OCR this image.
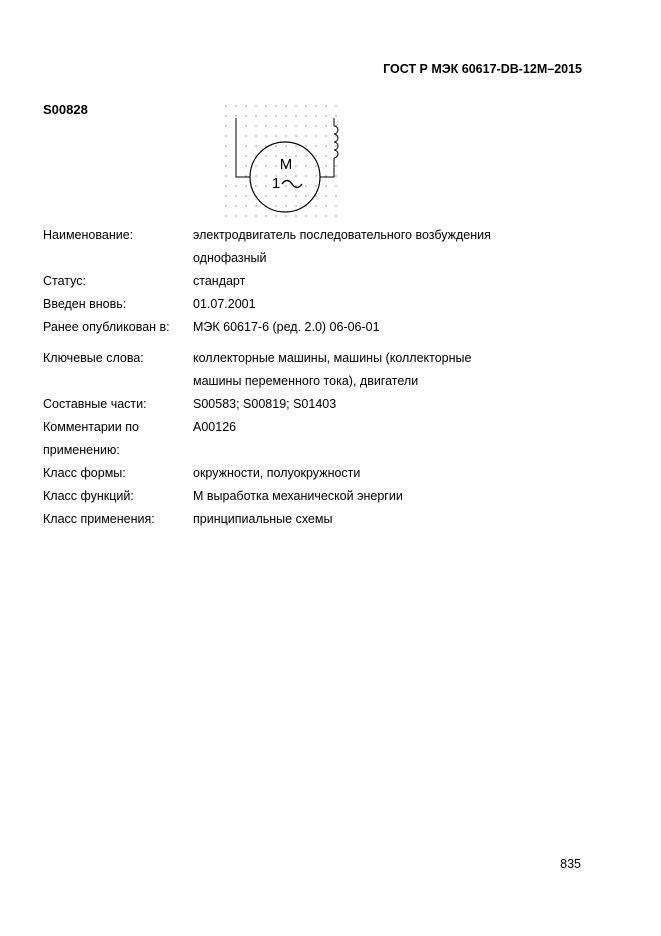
ГОСТ Р МЭК 60617-DB-12М–2015
S00828
M
1
Наименование:	электродвигатель последовательного возбуждения
однофазный
Статус:	стандарт
Введен вновь:	01.07.2001
Ранее опубликован в:	МЭК 60617-6 (ред. 2.0) 06-06-01
Ключевые слова:	коллекторные машины, машины (коллекторные
машины переменного тока), двигатели
Составные части:	S00583; S00819; S01403
Комментарии по
применению:
A00126
Класс формы:	окружности, полуокружности
Класс функций:	M выработка механической энергии
Класс применения:	принципиальные схемы
835
